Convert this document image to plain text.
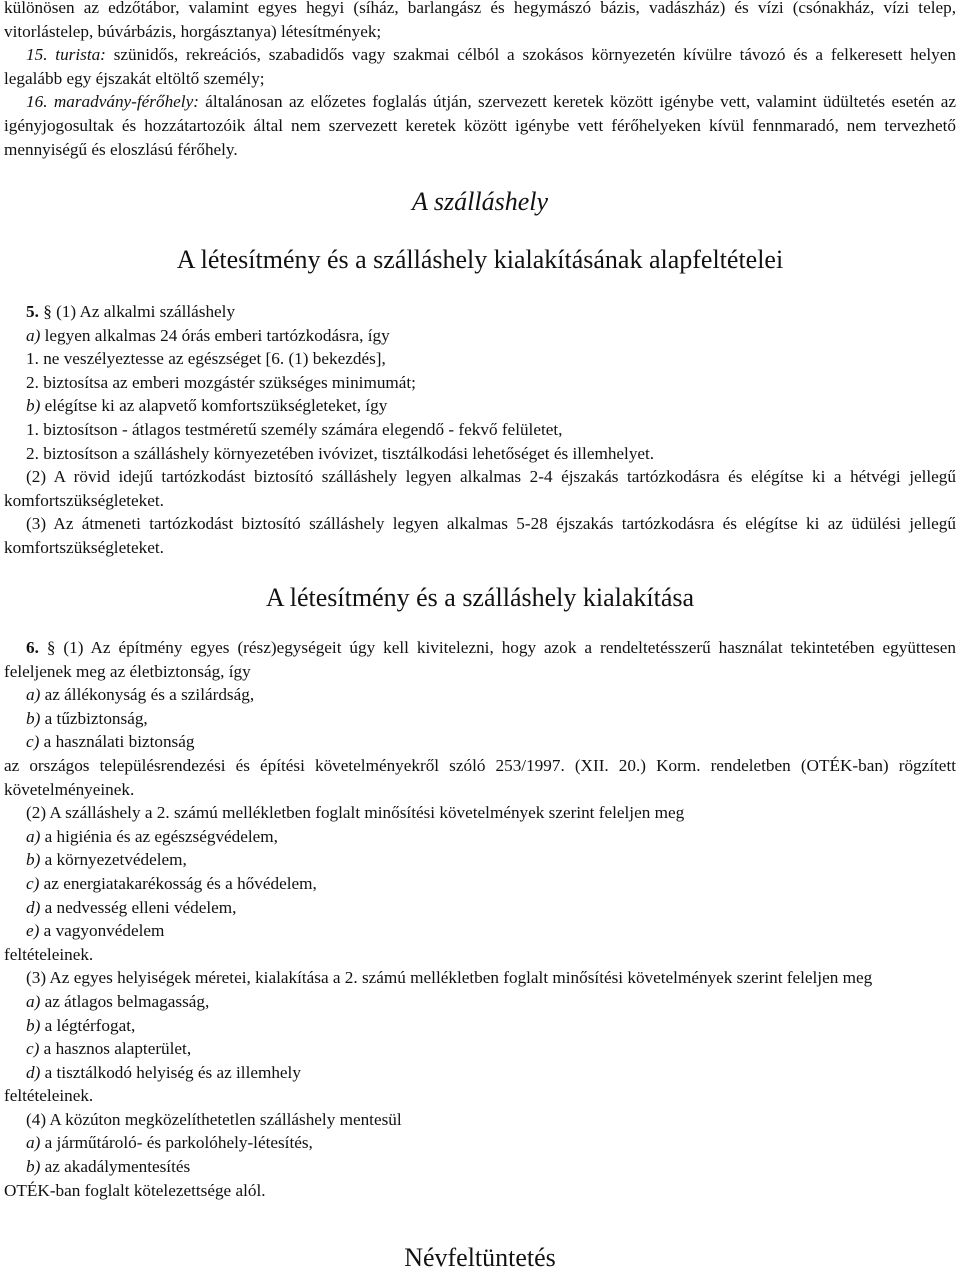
különösen az edzőtábor, valamint egyes hegyi (síház, barlangász és hegymászó bázis, vadászház) és vízi (csónakház, vízi telep, vitorlástelep, búvárbázis, horgásztanya) létesítmények;

15. turista: szünidős, rekreációs, szabadidős vagy szakmai célból a szokásos környezetén kívülre távozó és a felkeresett helyen legalább egy éjszakát eltöltő személy;

16. maradvány-férőhely: általánosan az előzetes foglalás útján, szervezett keretek között igénybe vett, valamint üdültetés esetén az igényjogosultak és hozzátartozóik által nem szervezett keretek között igénybe vett férőhelyeken kívül fennmaradó, nem tervezhető mennyiségű és eloszlású férőhely.

A szálláshely
A létesítmény és a szálláshely kialakításának alapfeltételei

5. § (1) Az alkalmi szálláshely

a) legyen alkalmas 24 órás emberi tartózkodásra, így

1. ne veszélyeztesse az egészséget [6. (1) bekezdés],

2. biztosítsa az emberi mozgástér szükséges minimumát;

b) elégítse ki az alapvető komfortszükségleteket, így

1. biztosítson - átlagos testméretű személy számára elegendő - fekvő felületet,

2. biztosítson a szálláshely környezetében ivóvizet, tisztálkodási lehetőséget és illemhelyet.

(2) A rövid idejű tartózkodást biztosító szálláshely legyen alkalmas 2-4 éjszakás tartózkodásra és elégítse ki a hétvégi jellegű komfortszükségleteket.

(3) Az átmeneti tartózkodást biztosító szálláshely legyen alkalmas 5-28 éjszakás tartózkodásra és elégítse ki az üdülési jellegű komfortszükségleteket.

A létesítmény és a szálláshely kialakítása

6. § (1) Az építmény egyes (rész)egységeit úgy kell kivitelezni, hogy azok a rendeltetésszerű használat tekintetében együttesen feleljenek meg az életbiztonság, így

a) az állékonyság és a szilárdság,

b) a tűzbiztonság,

c) a használati biztonság

az országos településrendezési és építési követelményekről szóló 253/1997. (XII. 20.) Korm. rendeletben (OTÉK-ban) rögzített követelményeinek.

(2) A szálláshely a 2. számú mellékletben foglalt minősítési követelmények szerint feleljen meg

a) a higiénia és az egészségvédelem,

b) a környezetvédelem,

c) az energiatakarékosság és a hővédelem,

d) a nedvesség elleni védelem,

e) a vagyonvédelem

feltételeinek.

(3) Az egyes helyiségek méretei, kialakítása a 2. számú mellékletben foglalt minősítési követelmények szerint feleljen meg

a) az átlagos belmagasság,

b) a légtérfogat,

c) a hasznos alapterület,

d) a tisztálkodó helyiség és az illemhely

feltételeinek.

(4) A közúton megközelíthetetlen szálláshely mentesül

a) a járműtároló- és parkolóhely-létesítés,

b) az akadálymentesítés

OTÉK-ban foglalt kötelezettsége alól.

Névfeltüntetés
